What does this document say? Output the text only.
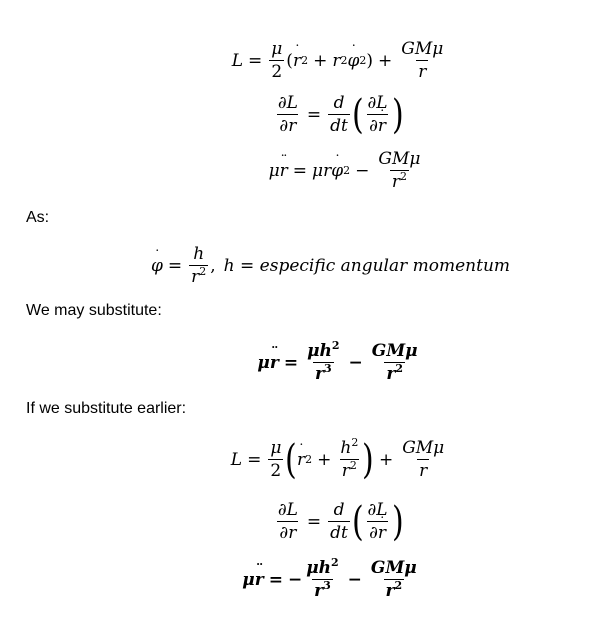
$L = \frac{\mu}{2}$ ( r ˙ 2 + r 2 φ ˙ 2 ) + $\frac{\text{GMμ}}{r}$
$\frac{\partial L}{\partial r} = \frac{d}{dt}$ ( $\frac{\partial L}{\partial r}$ ˙ )
μ r ¨ = μr φ ˙ $2 - \frac{\text{GMμ}}{r^2}$
As:
φ ˙ = $\frac{h}{r^2}$ , h = especific angular momentum
We may substitute:
μ r ¨ = $\frac{\mu h^2}{r^3} - \frac{\text{GMμ}}{r^2}$
If we substitute earlier:
$L = \frac{\mu}{2}$ ( r ˙ $2 + \frac{h^2}{r^2}$ ) + $\frac{\text{GMμ}}{r}$
$\frac{\partial L}{\partial r} = \frac{d}{dt}$ ( $\frac{\partial L}{\partial r}$ ˙ )
μ r ¨ = − $\frac{\mu h^2}{r^3} - \frac{\text{GMμ}}{r^2}$
